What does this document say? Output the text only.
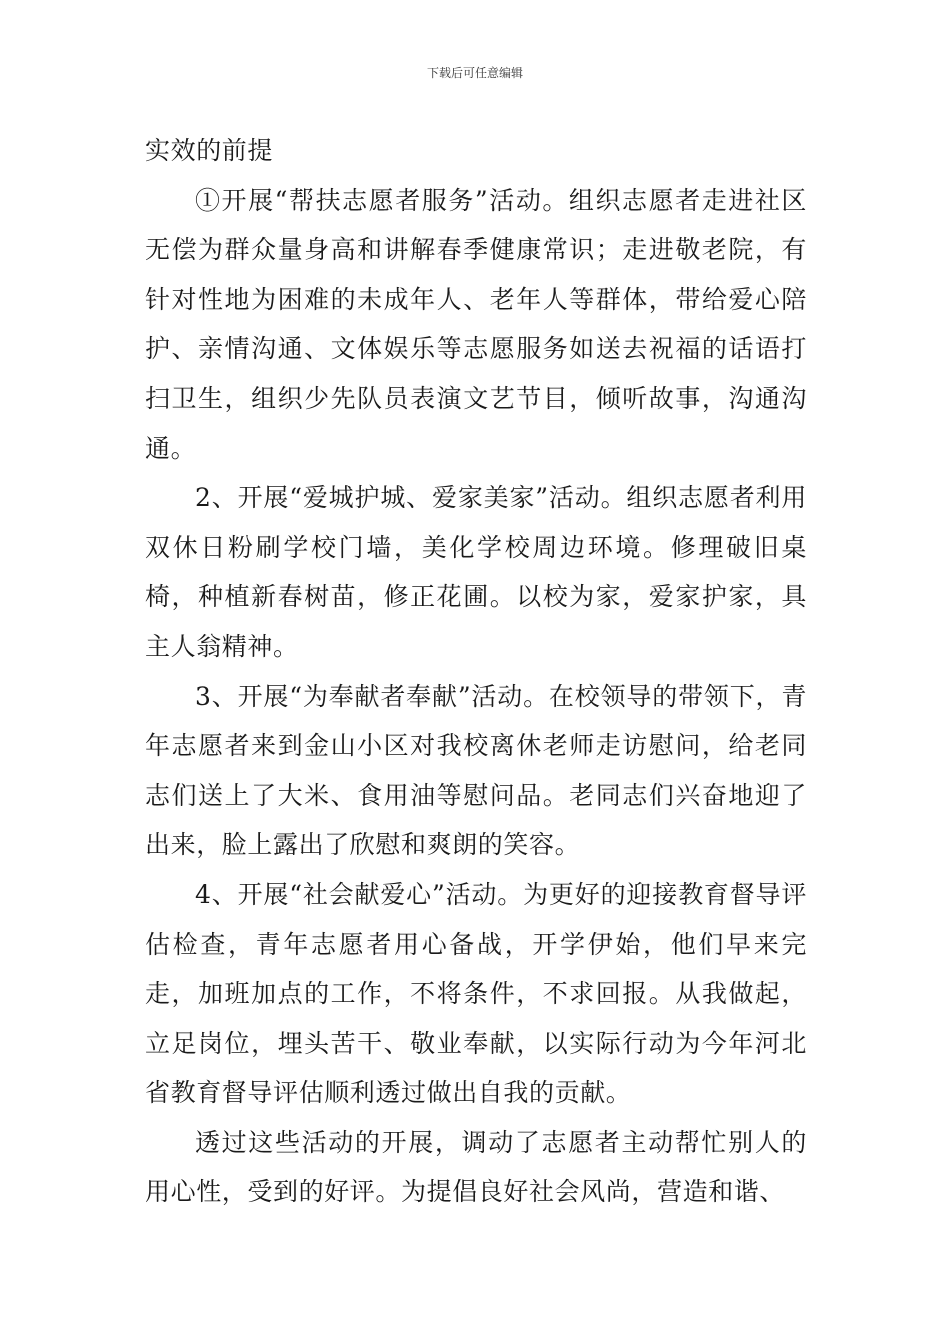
下载后可任意编辑

实效的前提

①开展“帮扶志愿者服务”活动。组织志愿者走进社区无偿为群众量身高和讲解春季健康常识；走进敬老院，有针对性地为困难的未成年人、老年人等群体，带给爱心陪护、亲情沟通、文体娱乐等志愿服务如送去祝福的话语打扫卫生，组织少先队员表演文艺节目，倾听故事，沟通沟通。

2、开展“爱城护城、爱家美家”活动。组织志愿者利用双休日粉刷学校门墙，美化学校周边环境。修理破旧桌椅，种植新春树苗，修正花圃。以校为家，爱家护家，具主人翁精神。

3、开展“为奉献者奉献”活动。在校领导的带领下，青年志愿者来到金山小区对我校离休老师走访慰问，给老同志们送上了大米、食用油等慰问品。老同志们兴奋地迎了出来，脸上露出了欣慰和爽朗的笑容。

4、开展“社会献爱心”活动。为更好的迎接教育督导评估检查，青年志愿者用心备战，开学伊始，他们早来完走，加班加点的工作，不将条件，不求回报。从我做起，立足岗位，埋头苦干、敬业奉献，以实际行动为今年河北省教育督导评估顺利透过做出自我的贡献。

透过这些活动的开展，调动了志愿者主动帮忙别人的用心性，受到的好评。为提倡良好社会风尚，营造和谐、
